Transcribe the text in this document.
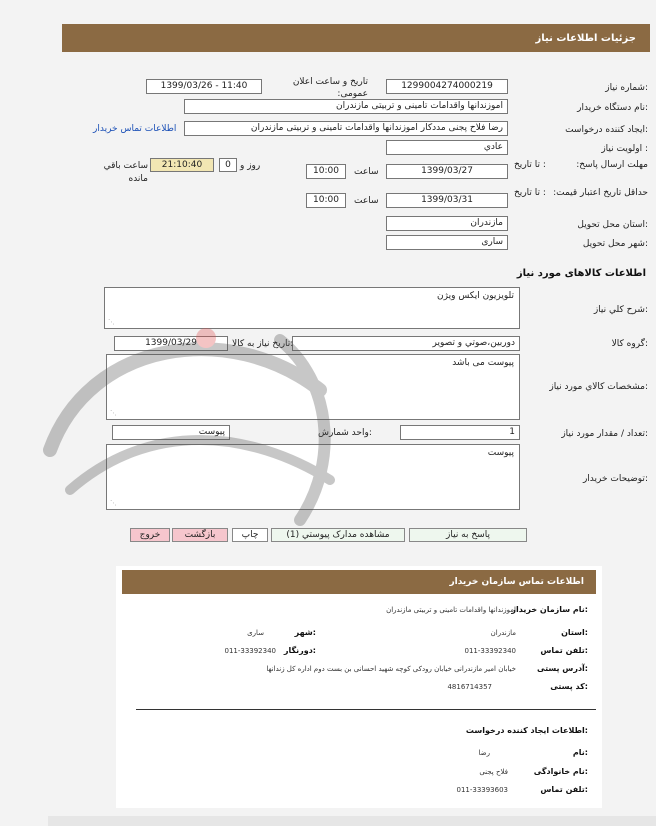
جزئیات اطلاعات نیاز
شماره نیاز:
1299004274000219
تاریخ و ساعت اعلان عمومی:
1399/03/26 - 11:40
نام دستگاه خریدار:
اموزندانها واقدامات تامینی و تربیتی مازندران
ایجاد کننده درخواست:
رضا فلاح پجنی مددکار اموزندانها واقدامات تامینی و تربیتی مازندران
اطلاعات تماس خریدار
اولویت نیاز :
عادي
مهلت ارسال پاسخ:
تا تاریخ :
1399/03/27
ساعت
10:00
0	روز و
21:10:40
ساعت باقي مانده
حداقل تاریخ اعتبار قیمت:
تا تاریخ :
1399/03/31
ساعت
10:00
استان محل تحویل:
مازندران
شهر محل تحویل:
ساری
اطلاعات کالاهای مورد نیاز
شرح کلي نياز:
تلویزیون ایکس ویژن
⋰
گروه کالا:
دوربين،صوتي و تصوير
تاریخ نیاز به کالا:
1399/03/29
مشخصات کالاي مورد نياز:
پیوست می باشد
⋰
تعداد / مقدار مورد نیاز:
1
واحد شمارش:
پیوست
توضیحات خریدار:
پیوست
⋰
پاسخ به نياز
مشاهده مدارک پیوستي (1)
چاپ
بازگشت
خروج
اطلاعات تماس سازمان خریدار
نام سازمان خریدار:
اموزندانها واقدامات تامینی و تربیتی مازندران
استان:
مازندران
شهر:
ساری
تلفن تماس:
011-33392340
دورنگار:
011-33392340
آدرس پستی:
خیابان امیر مازندرانی خیابان رودکی کوچه شهید احسانی بن بست دوم اداره کل زندانها
کد پستی:
4816714357
اطلاعات ایجاد کننده درخواست:
نام:
رضا
نام خانوادگی:
فلاح پجنی
تلفن تماس:
011-33393603
